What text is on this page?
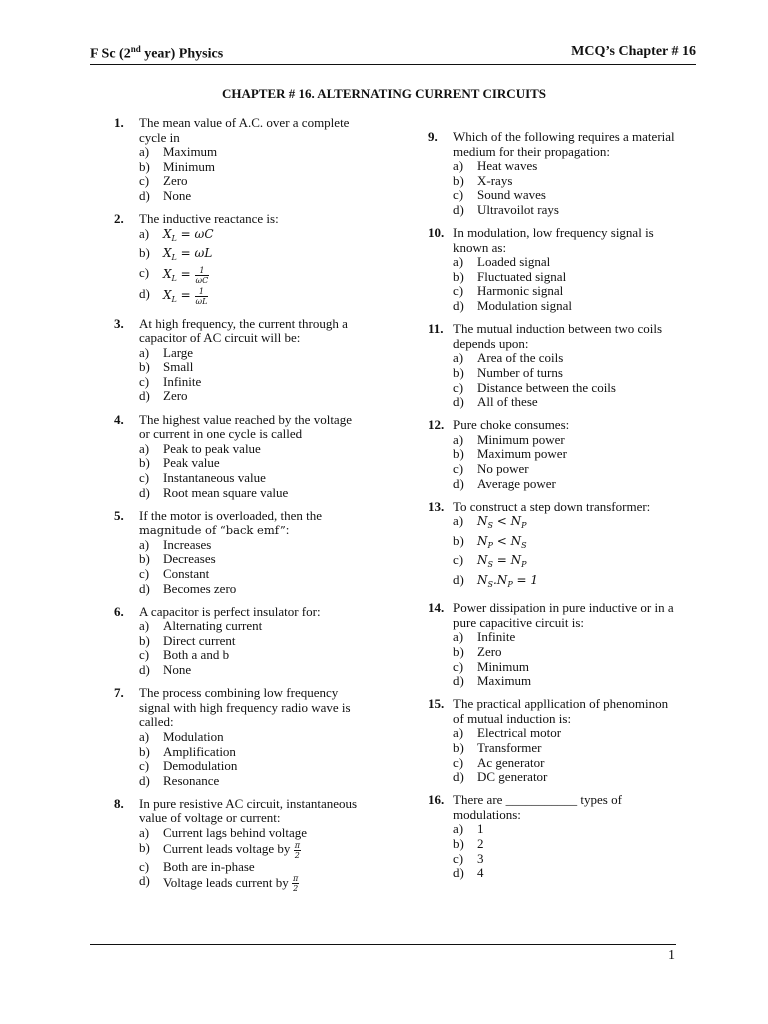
F Sc (2nd year) Physics	MCQ’s Chapter # 16
CHAPTER # 16. ALTERNATING CURRENT CIRCUITS
1. The mean value of A.C. over a complete cycle in
a) Maximum
b) Minimum
c) Zero
d) None
2. The inductive reactance is:
a) $X_L = \omega C$
b) $X_L = \omega L$
c) $X_L = \frac{1}{\omega C}$
d) $X_L = \frac{1}{\omega L}$
3. At high frequency, the current through a capacitor of AC circuit will be:
a) Large
b) Small
c) Infinite
d) Zero
4. The highest value reached by the voltage or current in one cycle is called
a) Peak to peak value
b) Peak value
c) Instantaneous value
d) Root mean square value
5. If the motor is overloaded, then the magnitude of “back emf”:
a) Increases
b) Decreases
c) Constant
d) Becomes zero
6. A capacitor is perfect insulator for:
a) Alternating current
b) Direct current
c) Both a and b
d) None
7. The process combining low frequency signal with high frequency radio wave is called:
a) Modulation
b) Amplification
c) Demodulation
d) Resonance
8. In pure resistive AC circuit, instantaneous value of voltage or current:
a) Current lags behind voltage
b) Current leads voltage by $\frac{\pi}{2}$
c) Both are in-phase
d) Voltage leads current by $\frac{\pi}{2}$
9. Which of the following requires a material medium for their propagation:
a) Heat waves
b) X-rays
c) Sound waves
d) Ultravoilot rays
10. In modulation, low frequency signal is known as:
a) Loaded signal
b) Fluctuated signal
c) Harmonic signal
d) Modulation signal
11. The mutual induction between two coils depends upon:
a) Area of the coils
b) Number of turns
c) Distance between the coils
d) All of these
12. Pure choke consumes:
a) Minimum power
b) Maximum power
c) No power
d) Average power
13. To construct a step down transformer:
a) $N_S < N_P$
b) $N_P < N_S$
c) $N_S = N_P$
d) $N_S.N_P = 1$
14. Power dissipation in pure inductive or in a pure capacitive circuit is:
a) Infinite
b) Zero
c) Minimum
d) Maximum
15. The practical appllication of phenominon of mutual induction is:
a) Electrical motor
b) Transformer
c) Ac generator
d) DC generator
16. There are ___________ types of modulations:
a) 1
b) 2
c) 3
d) 4
1
